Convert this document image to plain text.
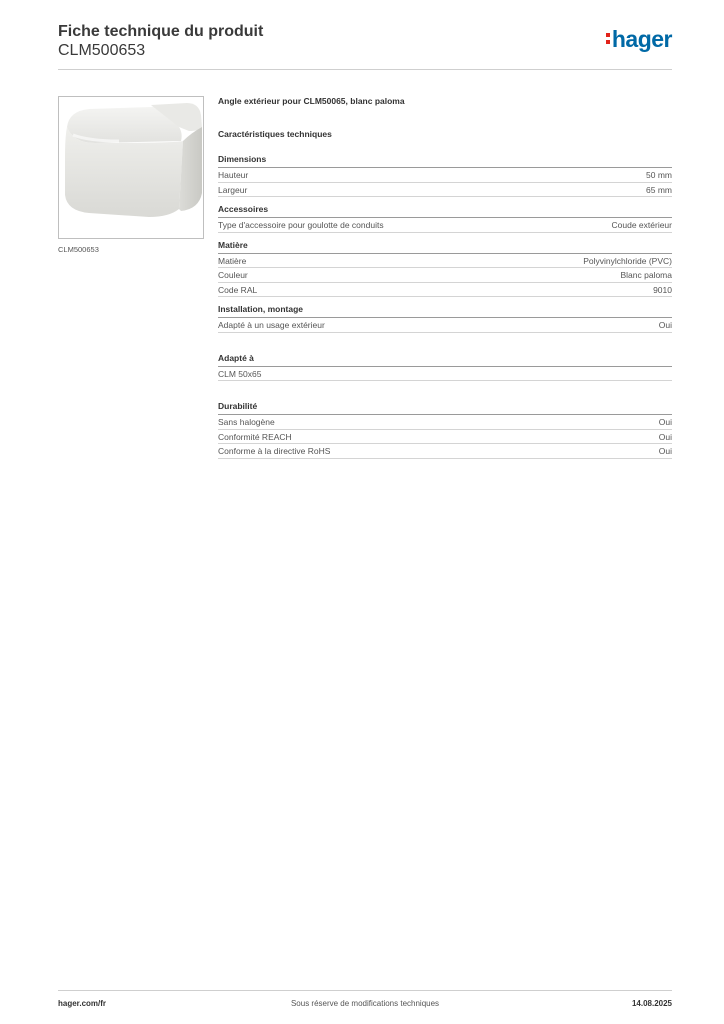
Fiche technique du produit
CLM500653	hager
CLM500653
Angle extérieur pour CLM50065, blanc paloma
Caractéristiques techniques
Dimensions
Hauteur	50 mm
Largeur	65 mm
Accessoires
Type d'accessoire pour goulotte de conduits	Coude extérieur
Matière
Matière	Polyvinylchloride (PVC)
Couleur	Blanc paloma
Code RAL	9010
Installation, montage
Adapté à un usage extérieur	Oui
Adapté à
CLM 50x65
Durabilité
Sans halogène	Oui
Conformité REACH	Oui
Conforme à la directive RoHS	Oui
hager.com/fr	Sous réserve de modifications techniques	14.08.2025
